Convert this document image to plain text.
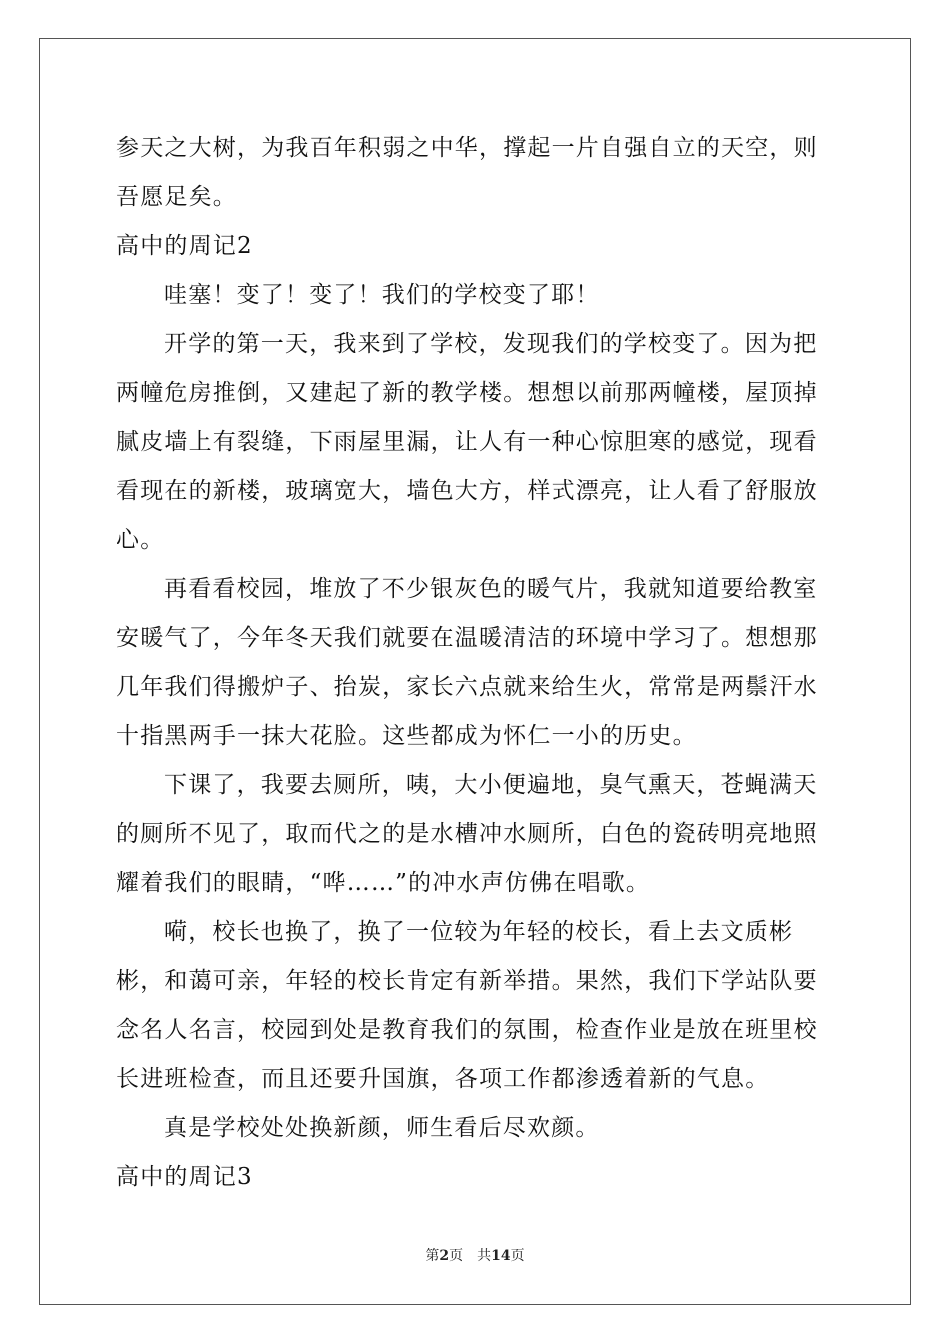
参天之大树，为我百年积弱之中华，撑起一片自强自立的天空，则吾愿足矣。

高中的周记2

哇塞！变了！变了！我们的学校变了耶！

开学的第一天，我来到了学校，发现我们的学校变了。因为把两幢危房推倒，又建起了新的教学楼。想想以前那两幢楼，屋顶掉腻皮墙上有裂缝，下雨屋里漏，让人有一种心惊胆寒的感觉，现看看现在的新楼，玻璃宽大，墙色大方，样式漂亮，让人看了舒服放心。

再看看校园，堆放了不少银灰色的暖气片，我就知道要给教室安暖气了，今年冬天我们就要在温暖清洁的环境中学习了。想想那几年我们得搬炉子、抬炭，家长六点就来给生火，常常是两鬃汗水十指黑两手一抹大花脸。这些都成为怀仁一小的历史。

下课了，我要去厕所，咦，大小便遍地，臭气熏天，苍蝇满天的厕所不见了，取而代之的是水槽冲水厕所，白色的瓷砖明亮地照耀着我们的眼睛，“哗……”的冲水声仿佛在唱歌。

嗬，校长也换了，换了一位较为年轻的校长，看上去文质彬彬，和蔼可亲，年轻的校长肯定有新举措。果然，我们下学站队要念名人名言，校园到处是教育我们的氛围，检查作业是放在班里校长进班检查，而且还要升国旗，各项工作都渗透着新的气息。

真是学校处处换新颜，师生看后尽欢颜。

高中的周记3
第2页 共14页
